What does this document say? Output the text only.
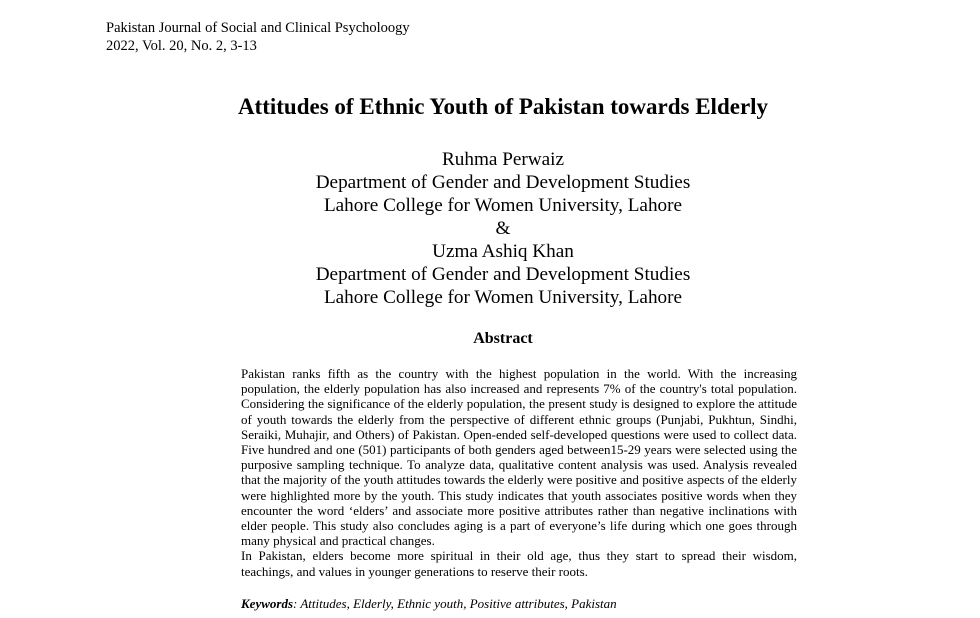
Pakistan Journal of Social and Clinical Psycholoogy
2022, Vol. 20, No. 2, 3-13
Attitudes of Ethnic Youth of Pakistan towards Elderly
Ruhma Perwaiz
Department of Gender and Development Studies
Lahore College for Women University, Lahore
&
Uzma Ashiq Khan
Department of Gender and Development Studies
Lahore College for Women University, Lahore
Abstract

Pakistan ranks fifth as the country with the highest population in the world. With the increasing population, the elderly population has also increased and represents 7% of the country's total population. Considering the significance of the elderly population, the present study is designed to explore the attitude of youth towards the elderly from the perspective of different ethnic groups (Punjabi, Pukhtun, Sindhi, Seraiki, Muhajir, and Others) of Pakistan. Open-ended self-developed questions were used to collect data. Five hundred and one (501) participants of both genders aged between15-29 years were selected using the purposive sampling technique. To analyze data, qualitative content analysis was used. Analysis revealed that the majority of the youth attitudes towards the elderly were positive and positive aspects of the elderly were highlighted more by the youth. This study indicates that youth associates positive words when they encounter the word ‘elders’ and associate more positive attributes rather than negative inclinations with elder people. This study also concludes aging is a part of everyone’s life during which one goes through many physical and practical changes.

In Pakistan, elders become more spiritual in their old age, thus they start to spread their wisdom, teachings, and values in younger generations to reserve their roots.

Keywords: Attitudes, Elderly, Ethnic youth, Positive attributes, Pakistan
